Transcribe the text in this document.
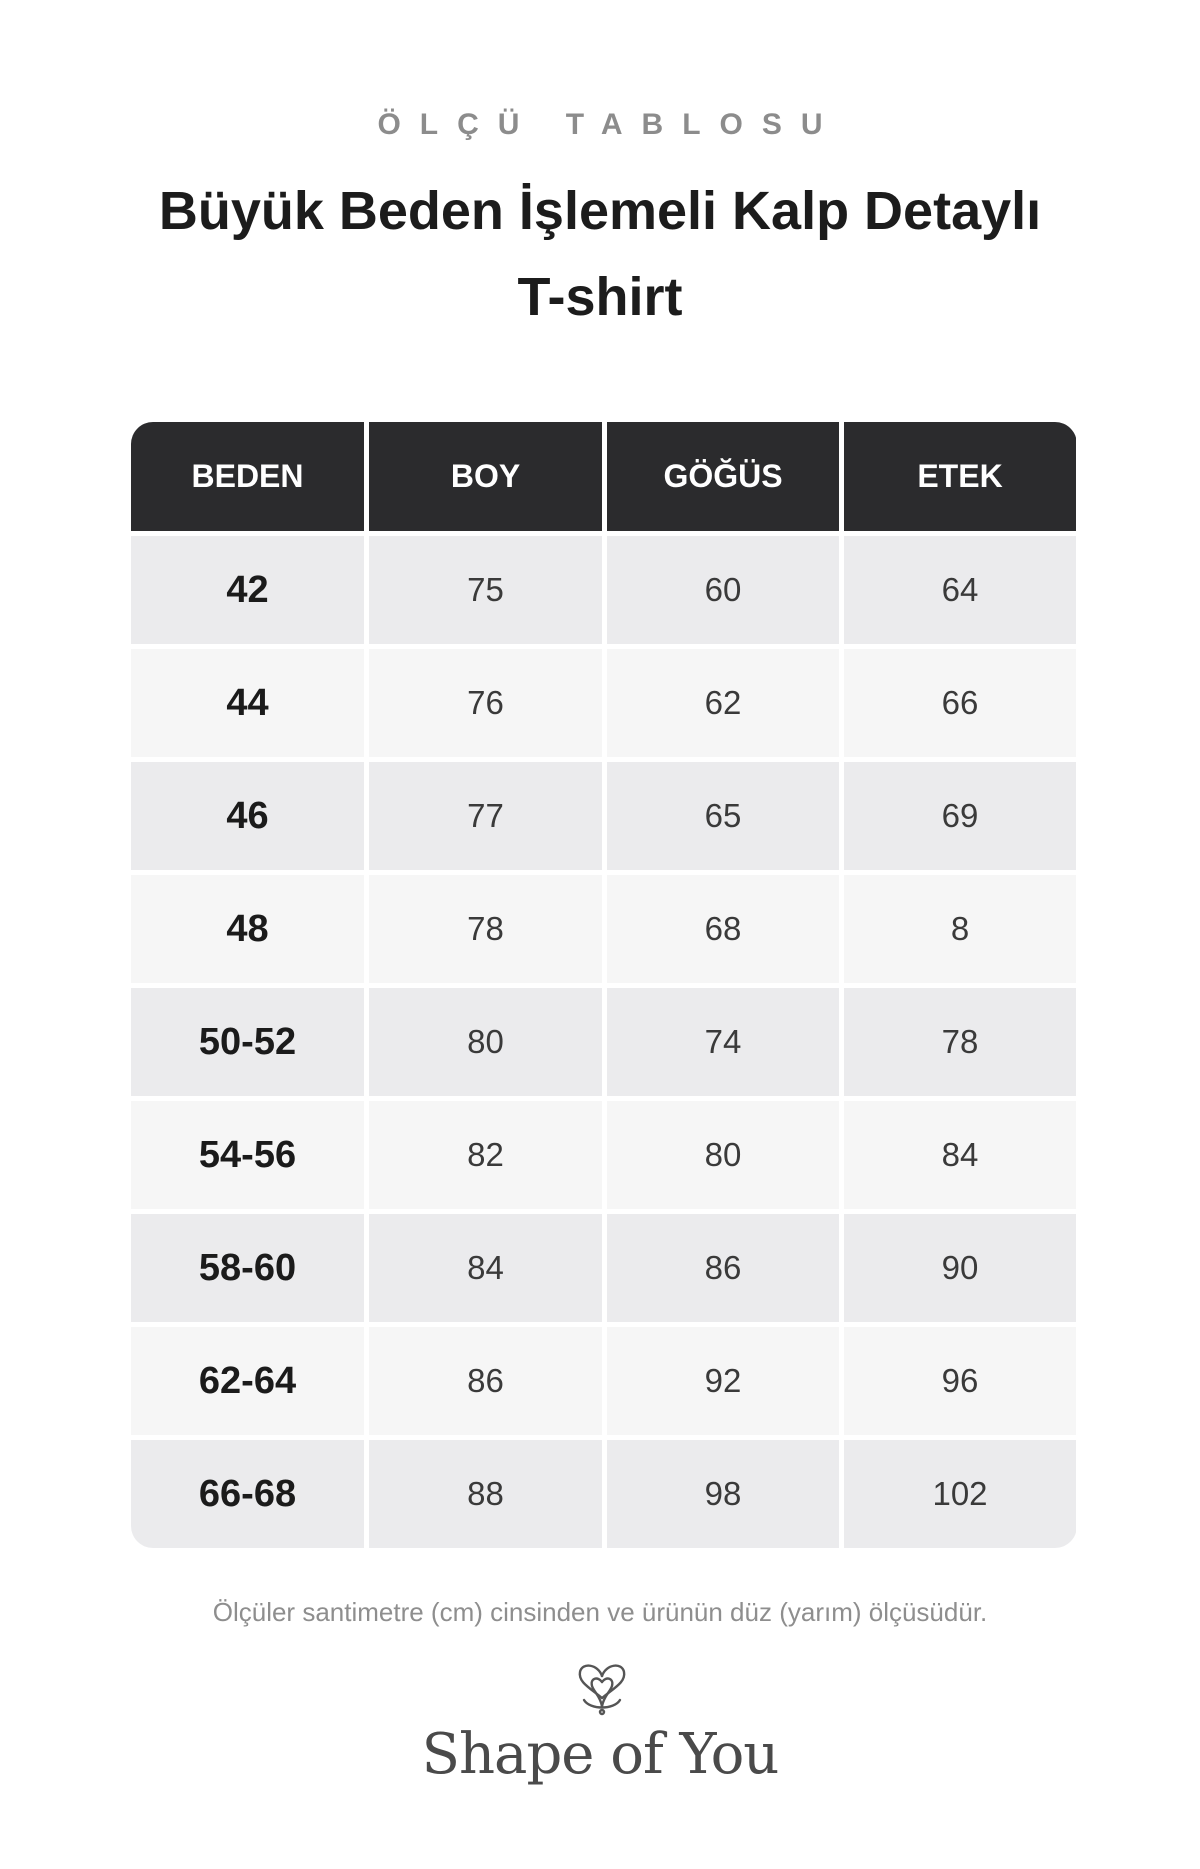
ÖLÇÜ TABLOSU
Büyük Beden İşlemeli Kalp Detaylı T-shirt
BEDEN	BOY	GÖĞÜS	ETEK
42	75	60	64
44	76	62	66
46	77	65	69
48	78	68	8
50-52	80	74	78
54-56	82	80	84
58-60	84	86	90
62-64	86	92	96
66-68	88	98	102
Ölçüler santimetre (cm) cinsinden ve ürünün düz (yarım) ölçüsüdür.
Shape of You
